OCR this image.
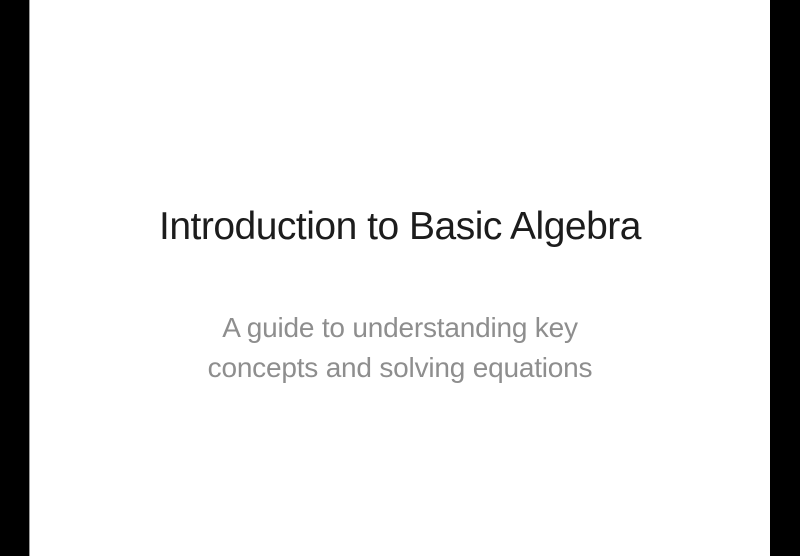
Introduction to Basic Algebra
A guide to understanding key
concepts and solving equations
